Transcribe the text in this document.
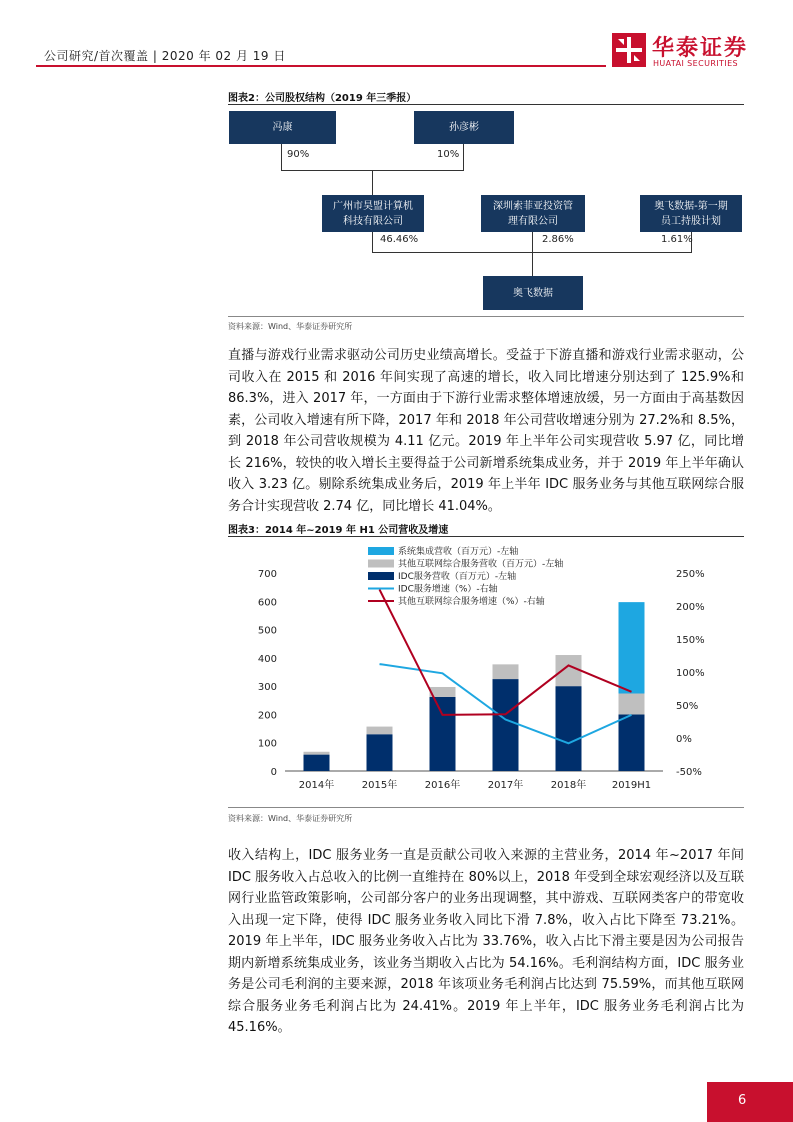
公司研究/首次覆盖 | 2020 年 02 月 19 日	华泰证券
HUATAI SECURITIES
图表2：公司股权结构（2019 年三季报）
冯康	孙彦彬
90%	10%
广州市昊盟计算机
科技有限公司
深圳索菲亚投资管
理有限公司
奥飞数据-第一期
员工持股计划
46.46%	2.86%	1.61%
奥飞数据
资料来源：Wind、华泰证券研究所
直播与游戏行业需求驱动公司历史业绩高增长。受益于下游直播和游戏行业需求驱动，公司收入在 2015 和 2016 年间实现了高速的增长，收入同比增速分别达到了 125.9%和 86.3%，进入 2017 年，一方面由于下游行业需求整体增速放缓，另一方面由于高基数因素，公司收入增速有所下降，2017 年和 2018 年公司营收增速分别为 27.2%和 8.5%，到 2018 年公司营收规模为 4.11 亿元。2019 年上半年公司实现营收 5.97 亿，同比增长 216%，较快的收入增长主要得益于公司新增系统集成业务，并于 2019 年上半年确认收入 3.23 亿。剔除系统集成业务后，2019 年上半年 IDC 服务业务与其他互联网综合服务合计实现营收 2.74 亿，同比增长 41.04%。
图表3：2014 年~2019 年 H1 公司营收及增速
0
100
200
300
400
500
600
700
-50%
0%
50%
100%
150%
200%
250%
2014年	2015年	2016年	2017年	2018年	2019H1
系统集成营收（百万元）-左轴
其他互联网综合服务营收（百万元）-左轴
IDC服务营收（百万元）-左轴
IDC服务增速（%）-右轴
其他互联网综合服务增速（%）-右轴
资料来源：Wind、华泰证券研究所
收入结构上，IDC 服务业务一直是贡献公司收入来源的主营业务，2014 年~2017 年间 IDC 服务收入占总收入的比例一直维持在 80%以上，2018 年受到全球宏观经济以及互联网行业监管政策影响，公司部分客户的业务出现调整，其中游戏、互联网类客户的带宽收入出现一定下降，使得 IDC 服务业务收入同比下滑 7.8%，收入占比下降至 73.21%。2019 年上半年，IDC 服务业务收入占比为 33.76%，收入占比下滑主要是因为公司报告期内新增系统集成业务，该业务当期收入占比为 54.16%。毛利润结构方面，IDC 服务业务是公司毛利润的主要来源，2018 年该项业务毛利润占比达到 75.59%，而其他互联网综合服务业务毛利润占比为 24.41%。2019 年上半年，IDC 服务业务毛利润占比为 45.16%。
6
